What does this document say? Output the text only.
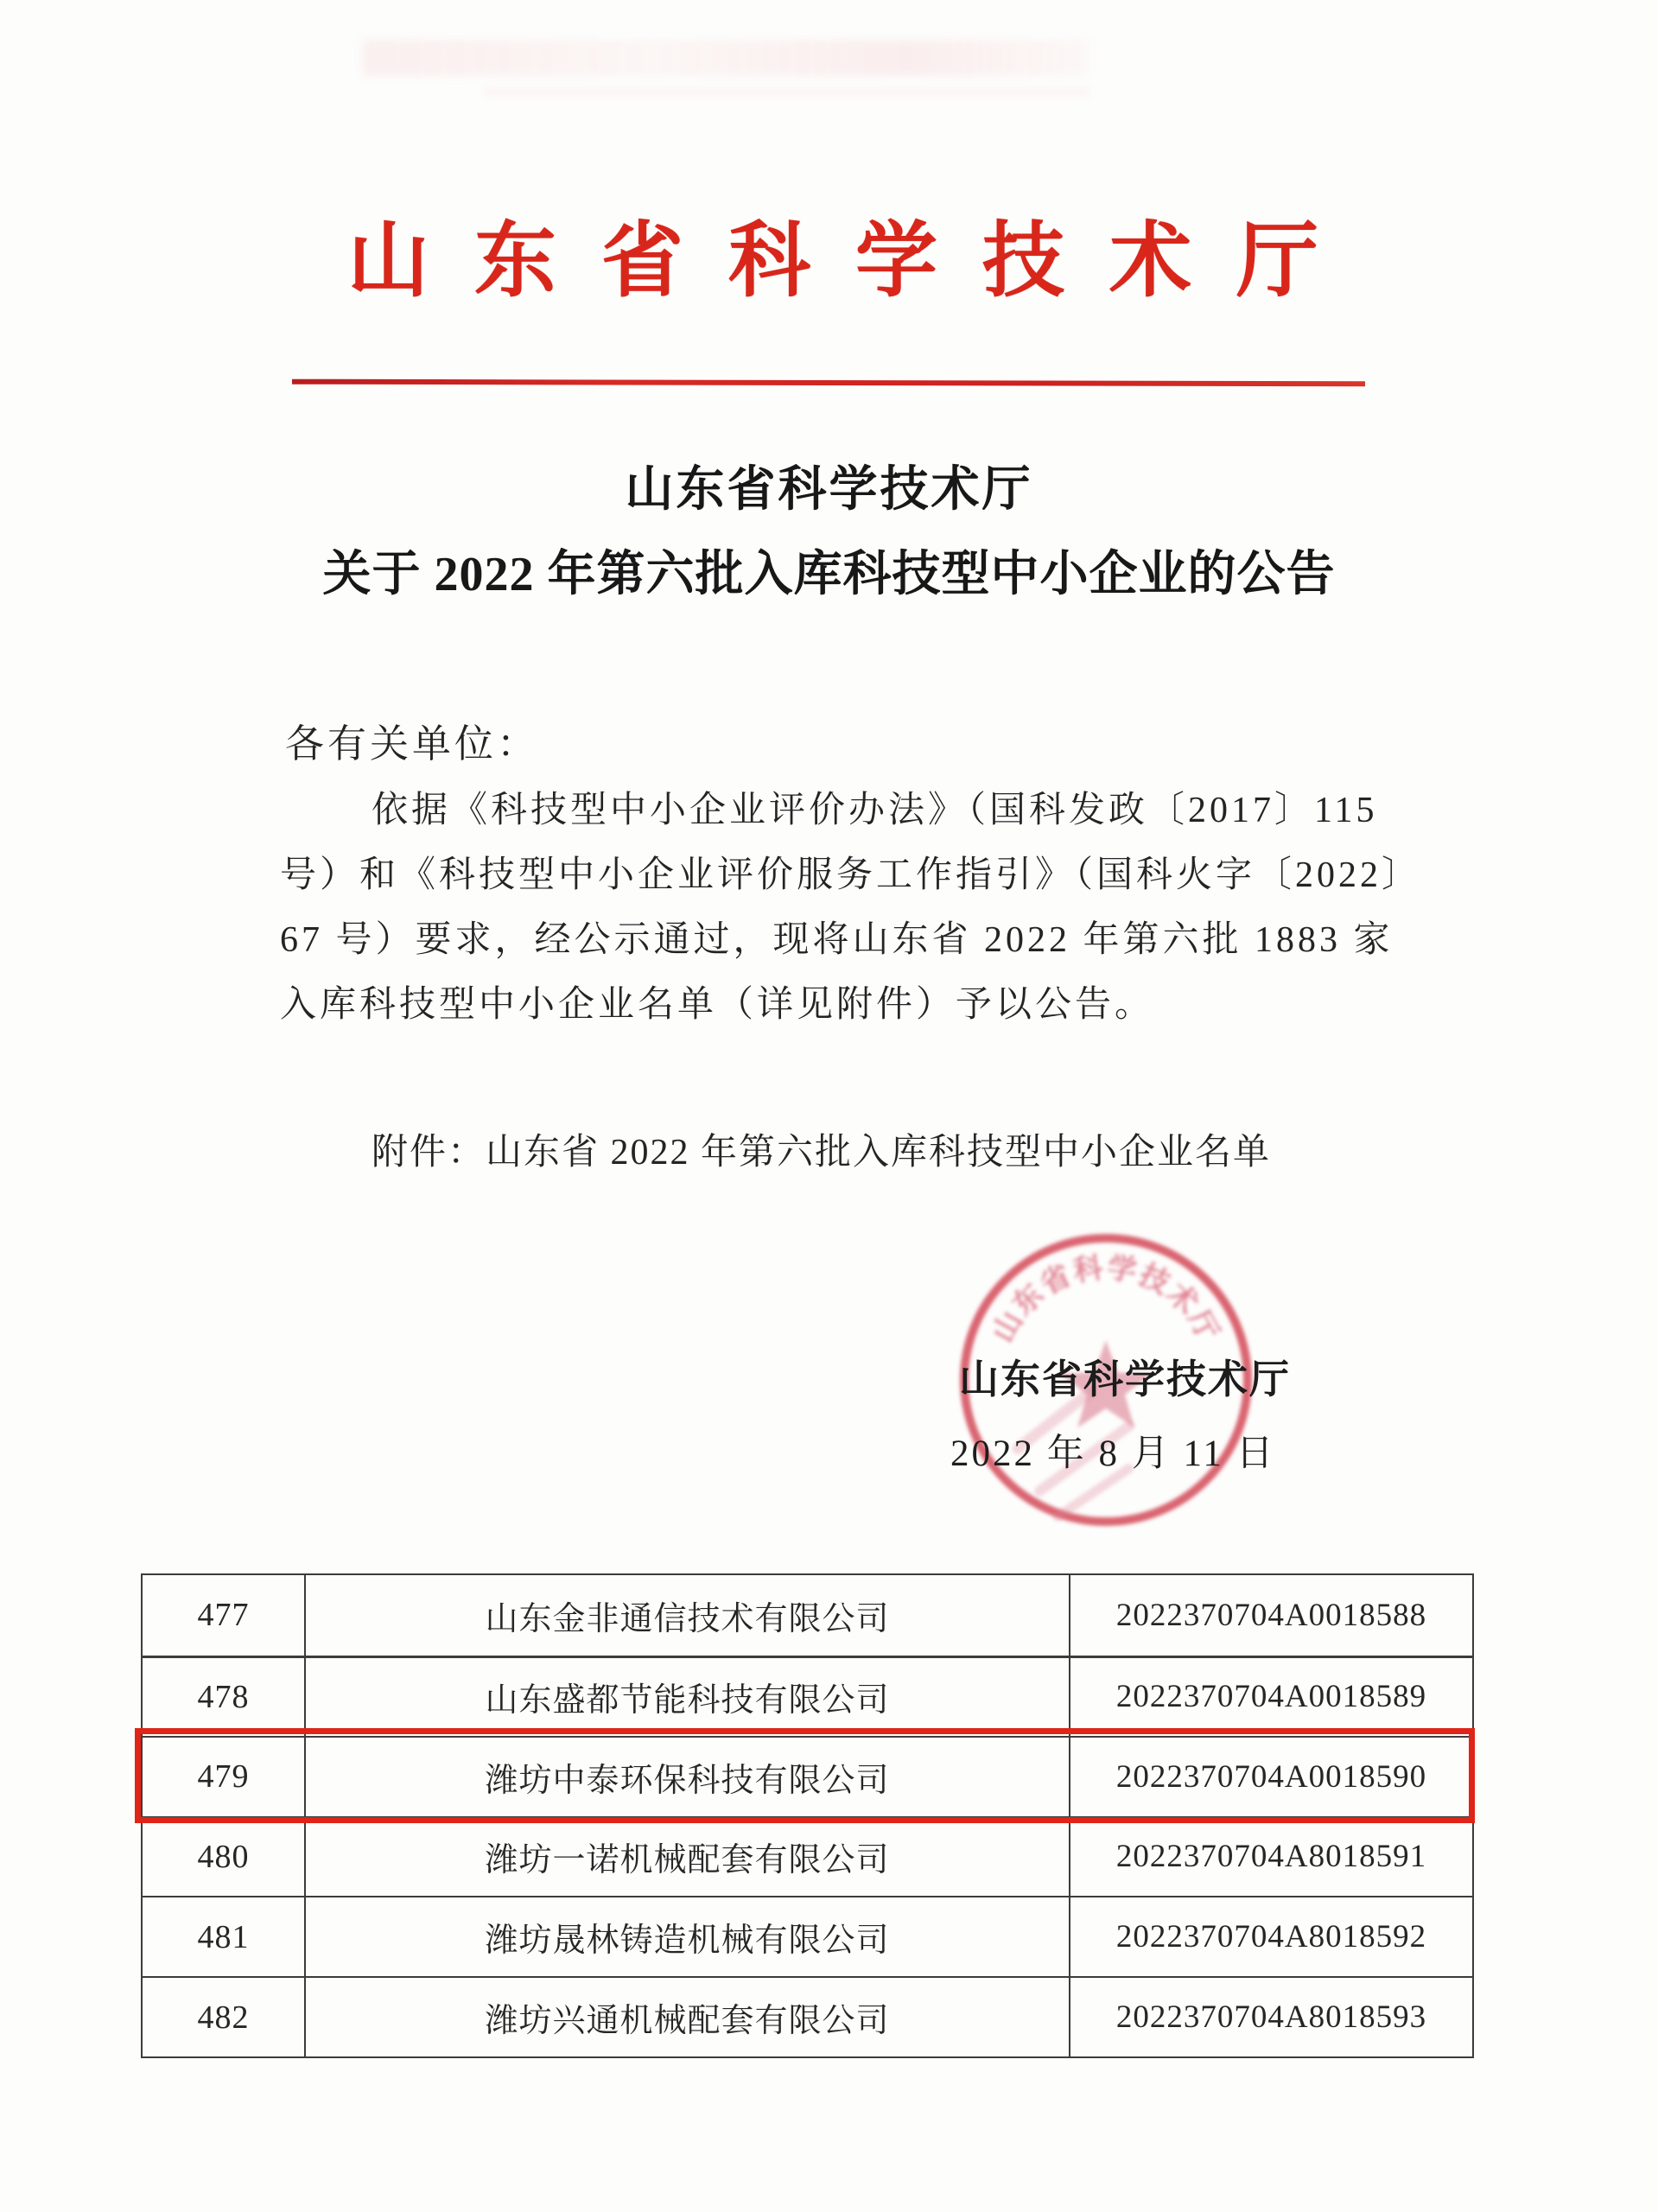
山东省科学技术厅
山东省科学技术厅
关于 2022 年第六批入库科技型中小企业的公告
各有关单位：
依据《科技型中小企业评价办法》（国科发政〔2017〕115
号）和《科技型中小企业评价服务工作指引》（国科火字〔2022〕
67 号）要求，经公示通过，现将山东省 2022 年第六批 1883 家
入库科技型中小企业名单（详见附件）予以公告。
附件：山东省 2022 年第六批入库科技型中小企业名单
山东省科学技术厅
山东省科学技术厅
2022 年 8 月 11 日
477	山东金非通信技术有限公司	2022370704A0018588
478	山东盛都节能科技有限公司	2022370704A0018589
479	潍坊中泰环保科技有限公司	2022370704A0018590
480	潍坊一诺机械配套有限公司	2022370704A8018591
481	潍坊晟林铸造机械有限公司	2022370704A8018592
482	潍坊兴通机械配套有限公司	2022370704A8018593
